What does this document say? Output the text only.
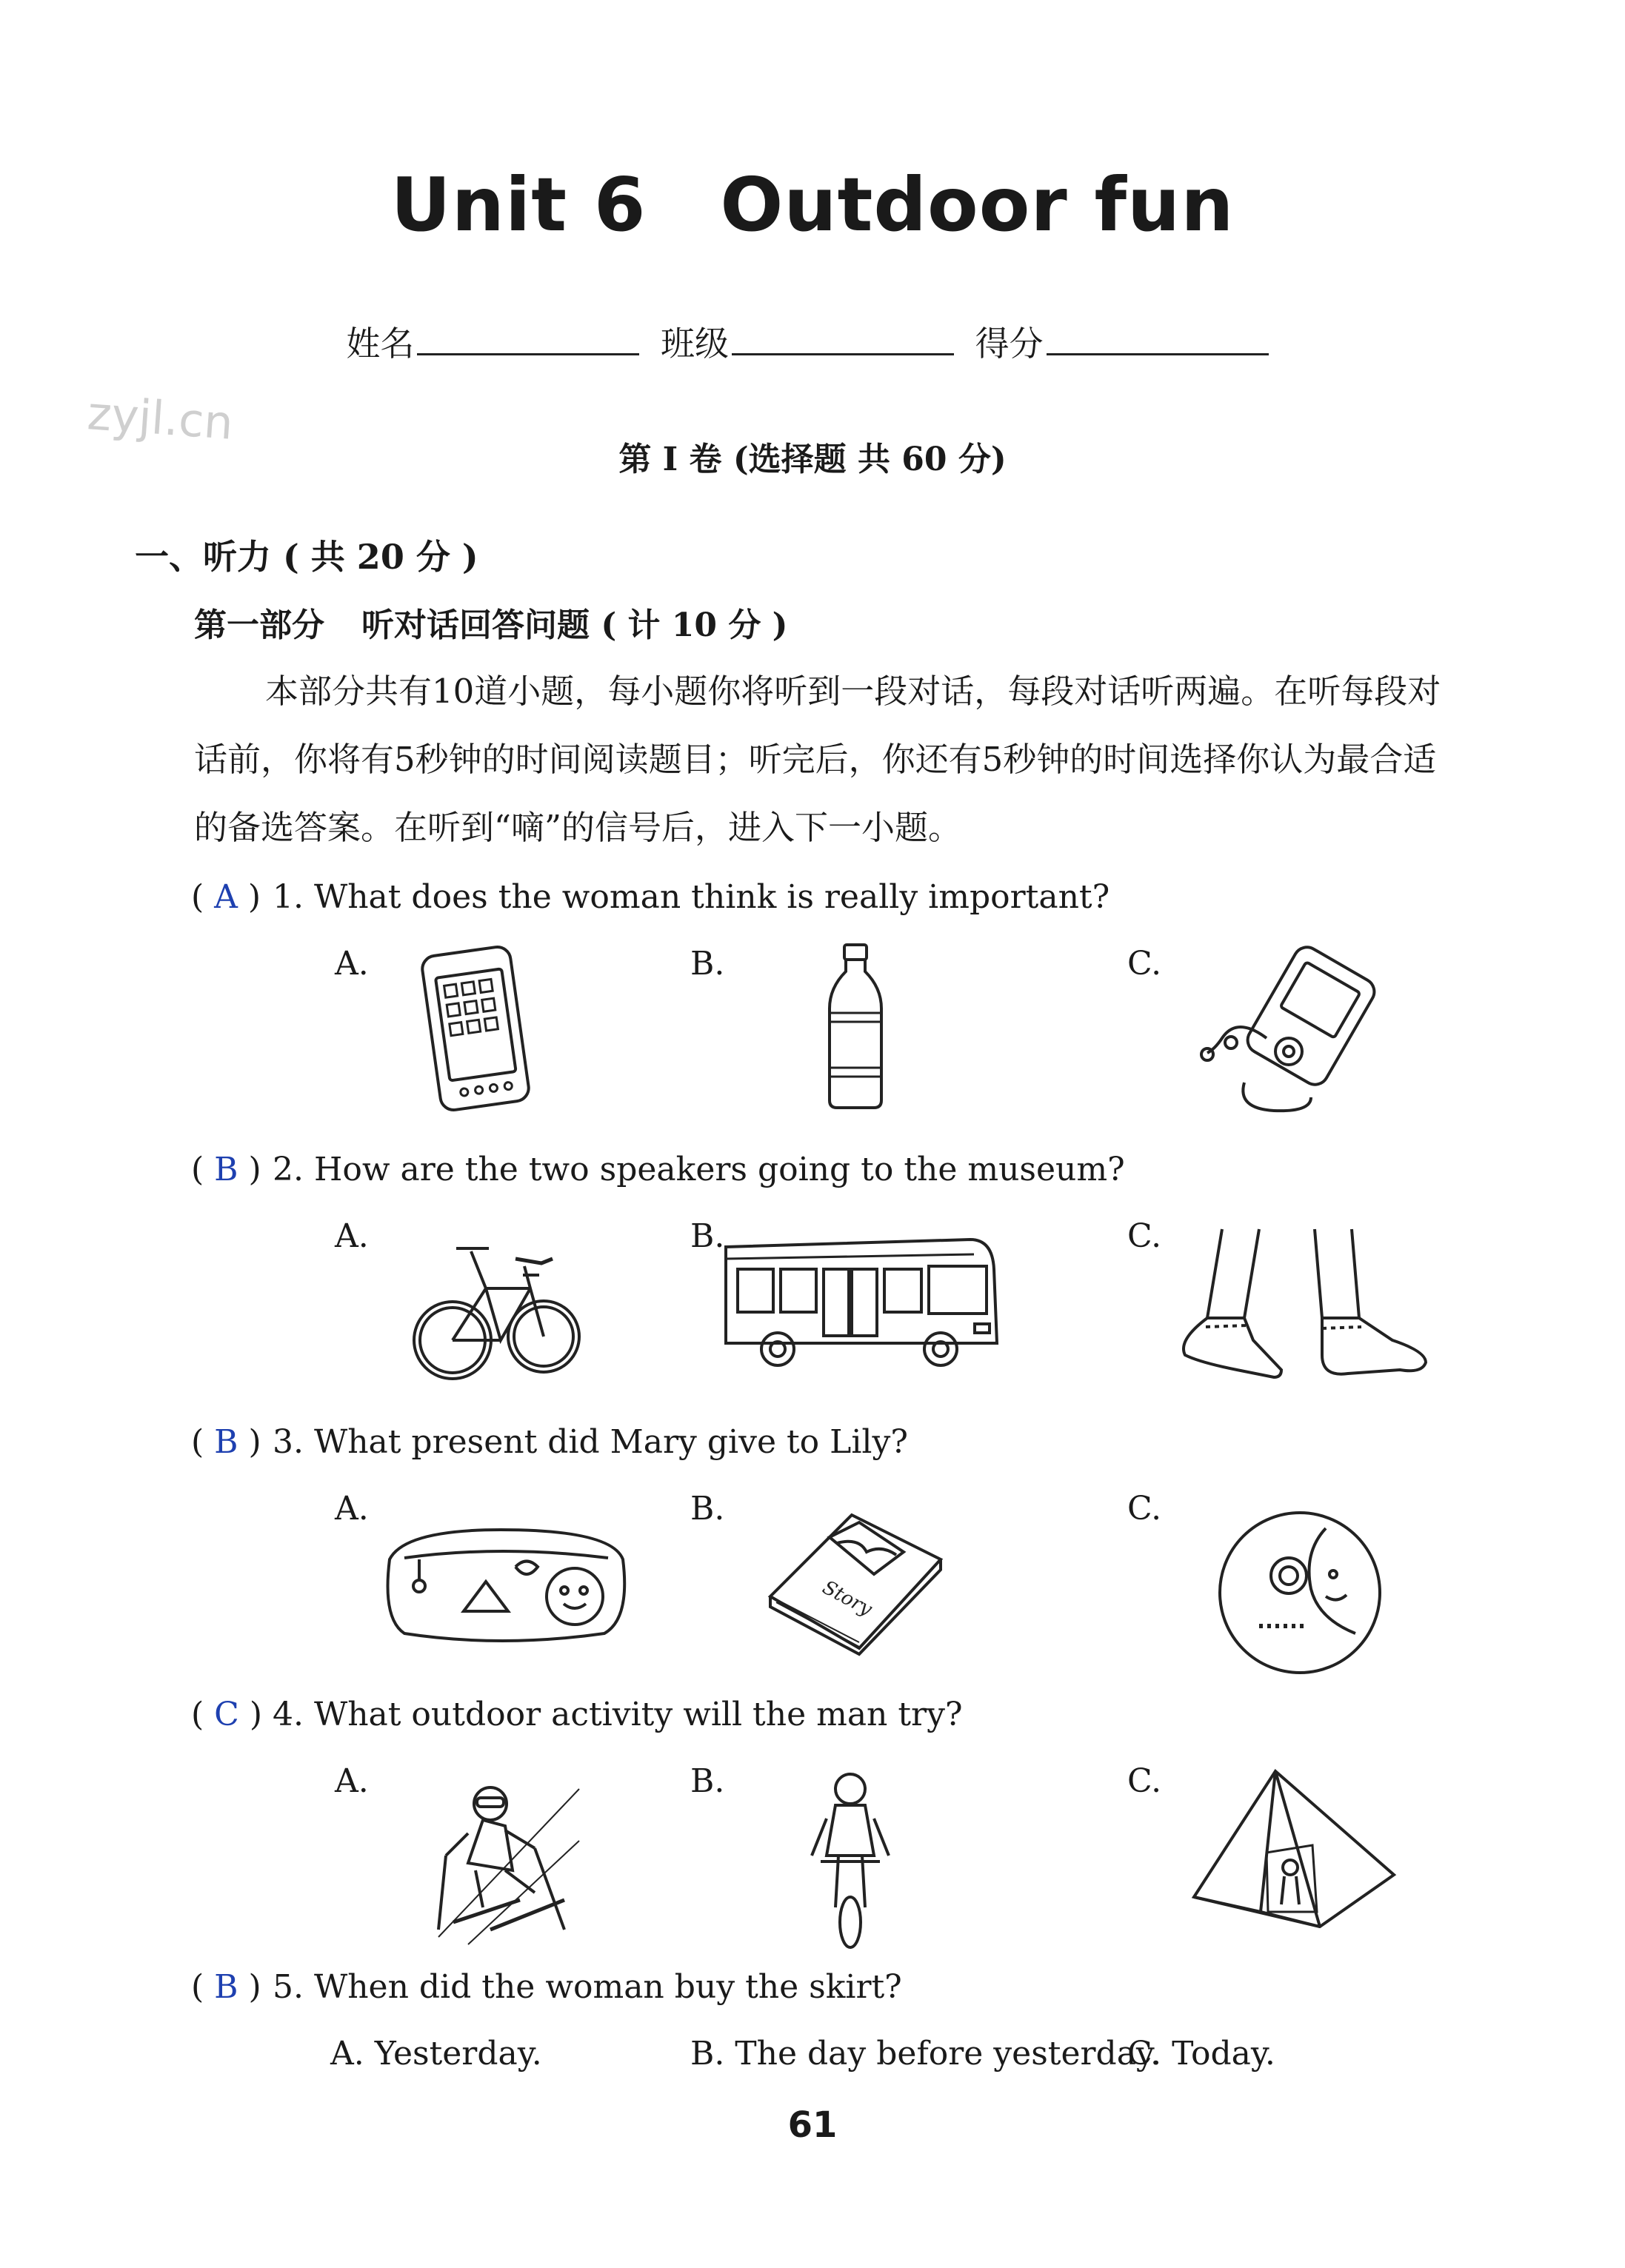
Unit 6 Outdoor fun
姓名	班级	得分
zyjl.cn
第 I 卷 (选择题 共 60 分)
一、听力 ( 共 20 分 )
第一部分 听对话回答问题 ( 计 10 分 )
本部分共有10道小题，每小题你将听到一段对话，每段对话听两遍。在听每段对话前，你将有5秒钟的时间阅读题目；听完后，你还有5秒钟的时间选择你认为最合适的备选答案。在听到“嘀”的信号后，进入下一小题。
( A ) 1. What does the woman think is really important?
A.	B.	C.
( B ) 2. How are the two speakers going to the museum?
A.	B.	C.
( B ) 3. What present did Mary give to Lily?
A.	B.	C.
Story
( C ) 4. What outdoor activity will the man try?
A.	B.	C.
( B ) 5. When did the woman buy the skirt?
A. Yesterday.	B. The day before yesterday.
C. Today.
61
